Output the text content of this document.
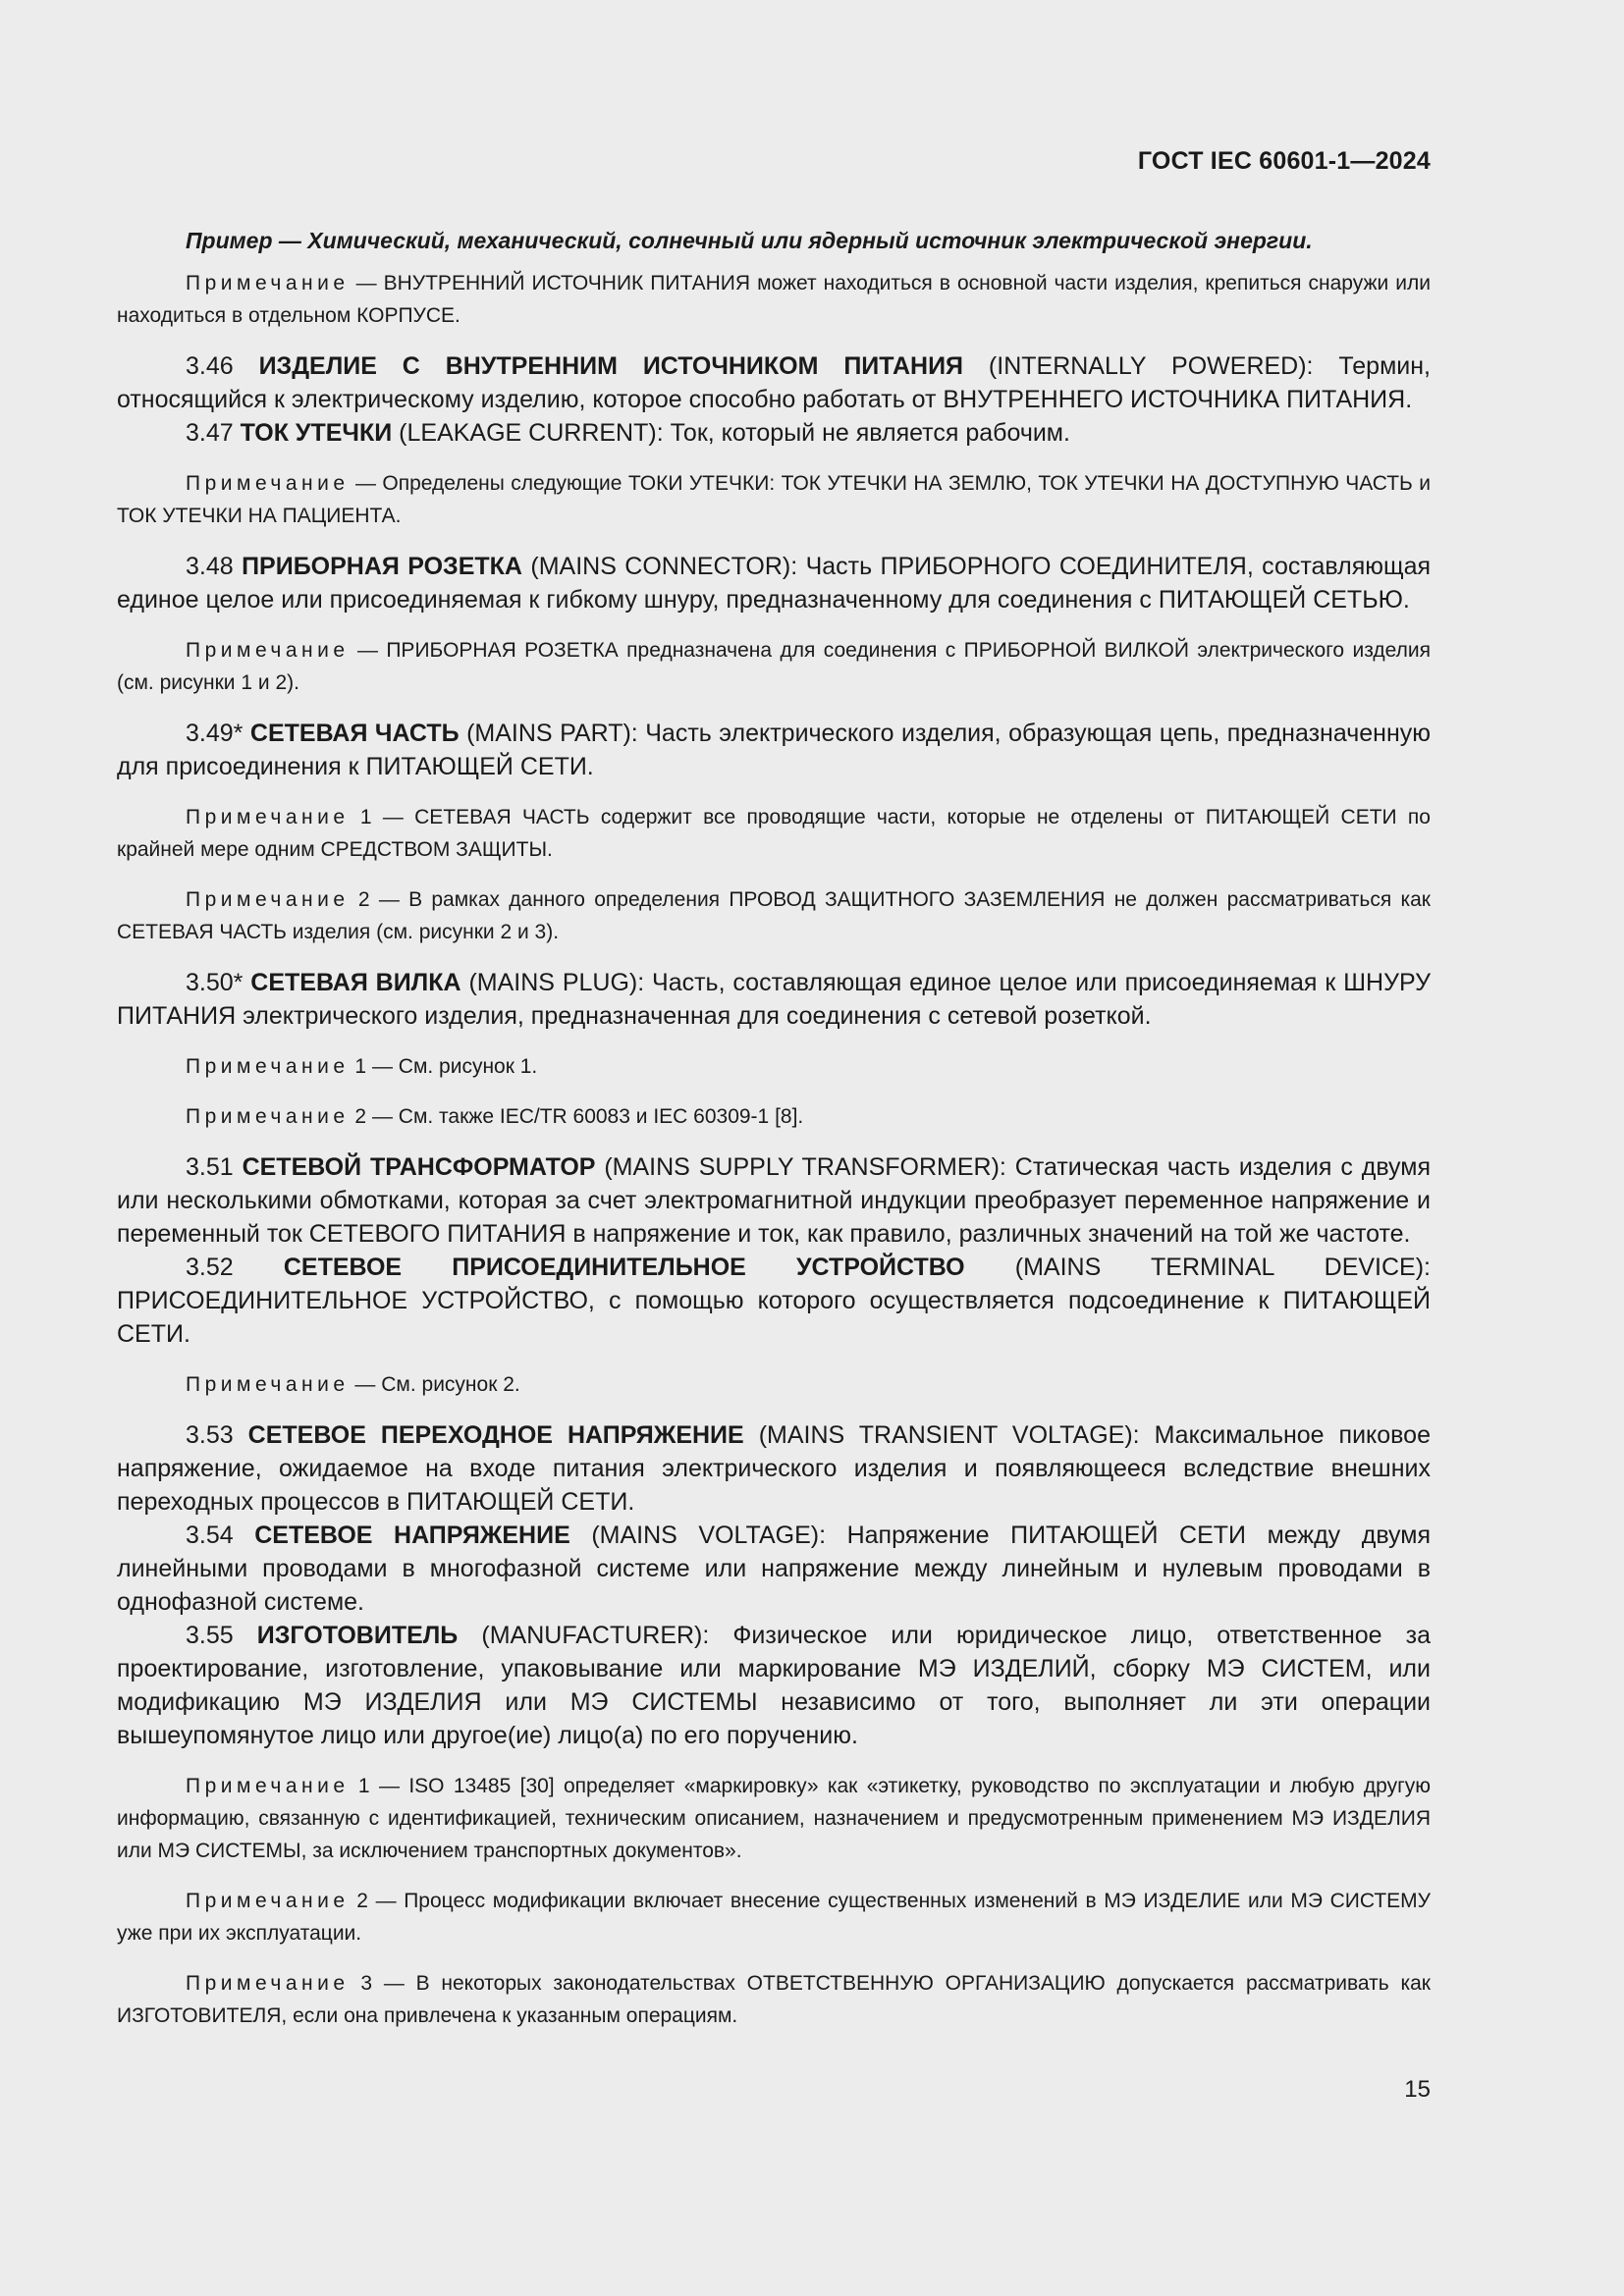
ГОСТ IEC 60601-1—2024

Пример — Химический, механический, солнечный или ядерный источник электрической энергии.

Примечание — ВНУТРЕННИЙ ИСТОЧНИК ПИТАНИЯ может находиться в основной части изделия, крепиться снаружи или находиться в отдельном КОРПУСЕ.

3.46 ИЗДЕЛИЕ С ВНУТРЕННИМ ИСТОЧНИКОМ ПИТАНИЯ (INTERNALLY POWERED): Термин, относящийся к электрическому изделию, которое способно работать от ВНУТРЕННЕГО ИСТОЧНИКА ПИТАНИЯ.

3.47 ТОК УТЕЧКИ (LEAKAGE CURRENT): Ток, который не является рабочим.

Примечание — Определены следующие ТОКИ УТЕЧКИ: ТОК УТЕЧКИ НА ЗЕМЛЮ, ТОК УТЕЧКИ НА ДОСТУПНУЮ ЧАСТЬ и ТОК УТЕЧКИ НА ПАЦИЕНТА.

3.48 ПРИБОРНАЯ РОЗЕТКА (MAINS CONNECTOR): Часть ПРИБОРНОГО СОЕДИНИТЕЛЯ, составляющая единое целое или присоединяемая к гибкому шнуру, предназначенному для соединения с ПИТАЮЩЕЙ СЕТЬЮ.

Примечание — ПРИБОРНАЯ РОЗЕТКА предназначена для соединения с ПРИБОРНОЙ ВИЛКОЙ электрического изделия (см. рисунки 1 и 2).

3.49* СЕТЕВАЯ ЧАСТЬ (MAINS PART): Часть электрического изделия, образующая цепь, предназначенную для присоединения к ПИТАЮЩЕЙ СЕТИ.

Примечание 1 — СЕТЕВАЯ ЧАСТЬ содержит все проводящие части, которые не отделены от ПИТАЮЩЕЙ СЕТИ по крайней мере одним СРЕДСТВОМ ЗАЩИТЫ.

Примечание 2 — В рамках данного определения ПРОВОД ЗАЩИТНОГО ЗАЗЕМЛЕНИЯ не должен рассматриваться как СЕТЕВАЯ ЧАСТЬ изделия (см. рисунки 2 и 3).

3.50* СЕТЕВАЯ ВИЛКА (MAINS PLUG): Часть, составляющая единое целое или присоединяемая к ШНУРУ ПИТАНИЯ электрического изделия, предназначенная для соединения с сетевой розеткой.

Примечание 1 — См. рисунок 1.

Примечание 2 — См. также IEC/TR 60083 и IEC 60309-1 [8].

3.51 СЕТЕВОЙ ТРАНСФОРМАТОР (MAINS SUPPLY TRANSFORMER): Статическая часть изделия с двумя или несколькими обмотками, которая за счет электромагнитной индукции преобразует переменное напряжение и переменный ток СЕТЕВОГО ПИТАНИЯ в напряжение и ток, как правило, различных значений на той же частоте.

3.52 СЕТЕВОЕ ПРИСОЕДИНИТЕЛЬНОЕ УСТРОЙСТВО (MAINS TERMINAL DEVICE): ПРИСОЕДИНИТЕЛЬНОЕ УСТРОЙСТВО, с помощью которого осуществляется подсоединение к ПИТАЮЩЕЙ СЕТИ.

Примечание — См. рисунок 2.

3.53 СЕТЕВОЕ ПЕРЕХОДНОЕ НАПРЯЖЕНИЕ (MAINS TRANSIENT VOLTAGE): Максимальное пиковое напряжение, ожидаемое на входе питания электрического изделия и появляющееся вследствие внешних переходных процессов в ПИТАЮЩЕЙ СЕТИ.

3.54 СЕТЕВОЕ НАПРЯЖЕНИЕ (MAINS VOLTAGE): Напряжение ПИТАЮЩЕЙ СЕТИ между двумя линейными проводами в многофазной системе или напряжение между линейным и нулевым проводами в однофазной системе.

3.55 ИЗГОТОВИТЕЛЬ (MANUFACTURER): Физическое или юридическое лицо, ответственное за проектирование, изготовление, упаковывание или маркирование МЭ ИЗДЕЛИЙ, сборку МЭ СИСТЕМ, или модификацию МЭ ИЗДЕЛИЯ или МЭ СИСТЕМЫ независимо от того, выполняет ли эти операции вышеупомянутое лицо или другое(ие) лицо(а) по его поручению.

Примечание 1 — ISO 13485 [30] определяет «маркировку» как «этикетку, руководство по эксплуатации и любую другую информацию, связанную с идентификацией, техническим описанием, назначением и предусмотренным применением МЭ ИЗДЕЛИЯ или МЭ СИСТЕМЫ, за исключением транспортных документов».

Примечание 2 — Процесс модификации включает внесение существенных изменений в МЭ ИЗДЕЛИЕ или МЭ СИСТЕМУ уже при их эксплуатации.

Примечание 3 — В некоторых законодательствах ОТВЕТСТВЕННУЮ ОРГАНИЗАЦИЮ допускается рассматривать как ИЗГОТОВИТЕЛЯ, если она привлечена к указанным операциям.

15
